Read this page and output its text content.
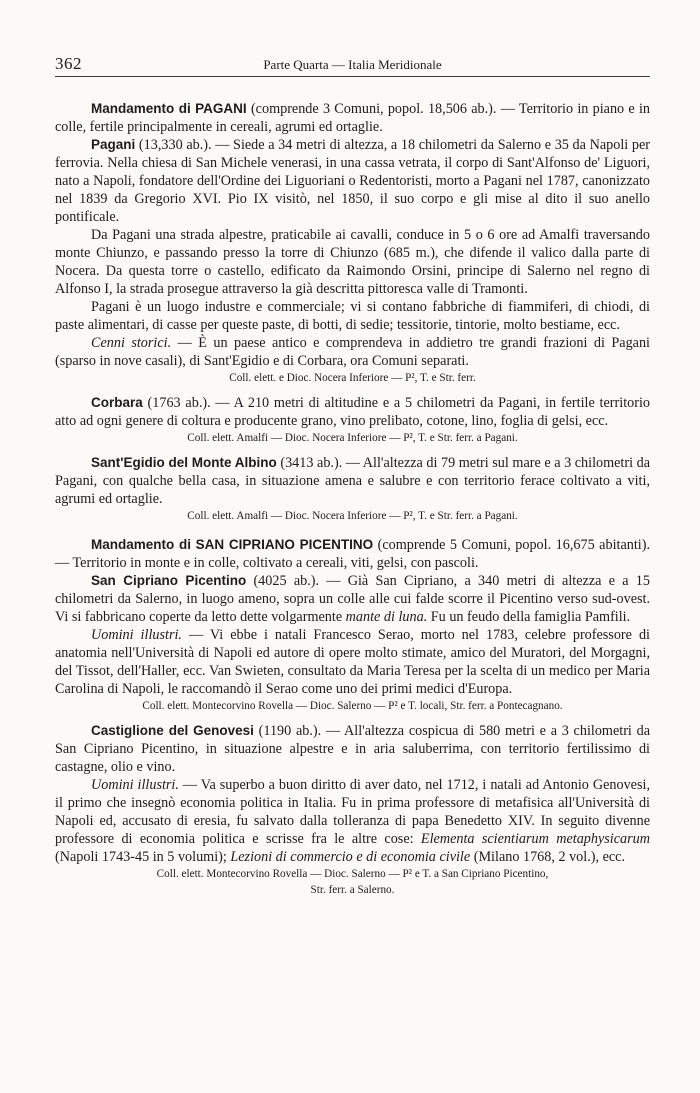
362	Parte Quarta — Italia Meridionale

Mandamento di PAGANI (comprende 3 Comuni, popol. 18,506 ab.). — Territorio in piano e in colle, fertile principalmente in cereali, agrumi ed ortaglie.

Pagani (13,330 ab.). — Siede a 34 metri di altezza, a 18 chilometri da Salerno e 35 da Napoli per ferrovia. Nella chiesa di San Michele venerasi, in una cassa vetrata, il corpo di Sant'Alfonso de' Liguori, nato a Napoli, fondatore dell'Ordine dei Liguoriani o Redentoristi, morto a Pagani nel 1787, canonizzato nel 1839 da Gregorio XVI. Pio IX visitò, nel 1850, il suo corpo e gli mise al dito il suo anello pontificale.

Da Pagani una strada alpestre, praticabile ai cavalli, conduce in 5 o 6 ore ad Amalfi traversando monte Chiunzo, e passando presso la torre di Chiunzo (685 m.), che difende il valico dalla parte di Nocera. Da questa torre o castello, edificato da Raimondo Orsini, principe di Salerno nel regno di Alfonso I, la strada prosegue attraverso la già descritta pittoresca valle di Tramonti.

Pagani è un luogo industre e commerciale; vi si contano fabbriche di fiammiferi, di chiodi, di paste alimentari, di casse per queste paste, di botti, di sedie; tessitorie, tintorie, molto bestiame, ecc.

Cenni storici. — È un paese antico e comprendeva in addietro tre grandi frazioni di Pagani (sparso in nove casali), di Sant'Egidio e di Corbara, ora Comuni separati.

Coll. elett. e Dioc. Nocera Inferiore — P², T. e Str. ferr.

Corbara (1763 ab.). — A 210 metri di altitudine e a 5 chilometri da Pagani, in fertile territorio atto ad ogni genere di coltura e producente grano, vino prelibato, cotone, lino, foglia di gelsi, ecc.

Coll. elett. Amalfi — Dioc. Nocera Inferiore — P², T. e Str. ferr. a Pagani.

Sant'Egidio del Monte Albino (3413 ab.). — All'altezza di 79 metri sul mare e a 3 chilometri da Pagani, con qualche bella casa, in situazione amena e salubre e con territorio ferace coltivato a viti, agrumi ed ortaglie.

Coll. elett. Amalfi — Dioc. Nocera Inferiore — P², T. e Str. ferr. a Pagani.

Mandamento di SAN CIPRIANO PICENTINO (comprende 5 Comuni, popol. 16,675 abitanti). — Territorio in monte e in colle, coltivato a cereali, viti, gelsi, con pascoli.

San Cipriano Picentino (4025 ab.). — Già San Cipriano, a 340 metri di altezza e a 15 chilometri da Salerno, in luogo ameno, sopra un colle alle cui falde scorre il Picentino verso sud-ovest. Vi si fabbricano coperte da letto dette volgarmente mante di luna. Fu un feudo della famiglia Pamfili.

Uomini illustri. — Vi ebbe i natali Francesco Serao, morto nel 1783, celebre professore di anatomia nell'Università di Napoli ed autore di opere molto stimate, amico del Muratori, del Morgagni, del Tissot, dell'Haller, ecc. Van Swieten, consultato da Maria Teresa per la scelta di un medico per Maria Carolina di Napoli, le raccomandò il Serao come uno dei primi medici d'Europa.

Coll. elett. Montecorvino Rovella — Dioc. Salerno — P² e T. locali, Str. ferr. a Pontecagnano.

Castiglione del Genovesi (1190 ab.). — All'altezza cospicua di 580 metri e a 3 chilometri da San Cipriano Picentino, in situazione alpestre e in aria saluberrima, con territorio fertilissimo di castagne, olio e vino.

Uomini illustri. — Va superbo a buon diritto di aver dato, nel 1712, i natali ad Antonio Genovesi, il primo che insegnò economia politica in Italia. Fu in prima professore di metafisica all'Università di Napoli ed, accusato di eresia, fu salvato dalla tolleranza di papa Benedetto XIV. In seguito divenne professore di economia politica e scrisse fra le altre cose: Elementa scientiarum metaphysicarum (Napoli 1743-45 in 5 volumi); Lezioni di commercio e di economia civile (Milano 1768, 2 vol.), ecc.

Coll. elett. Montecorvino Rovella — Dioc. Salerno — P² e T. a San Cipriano Picentino,

Str. ferr. a Salerno.
